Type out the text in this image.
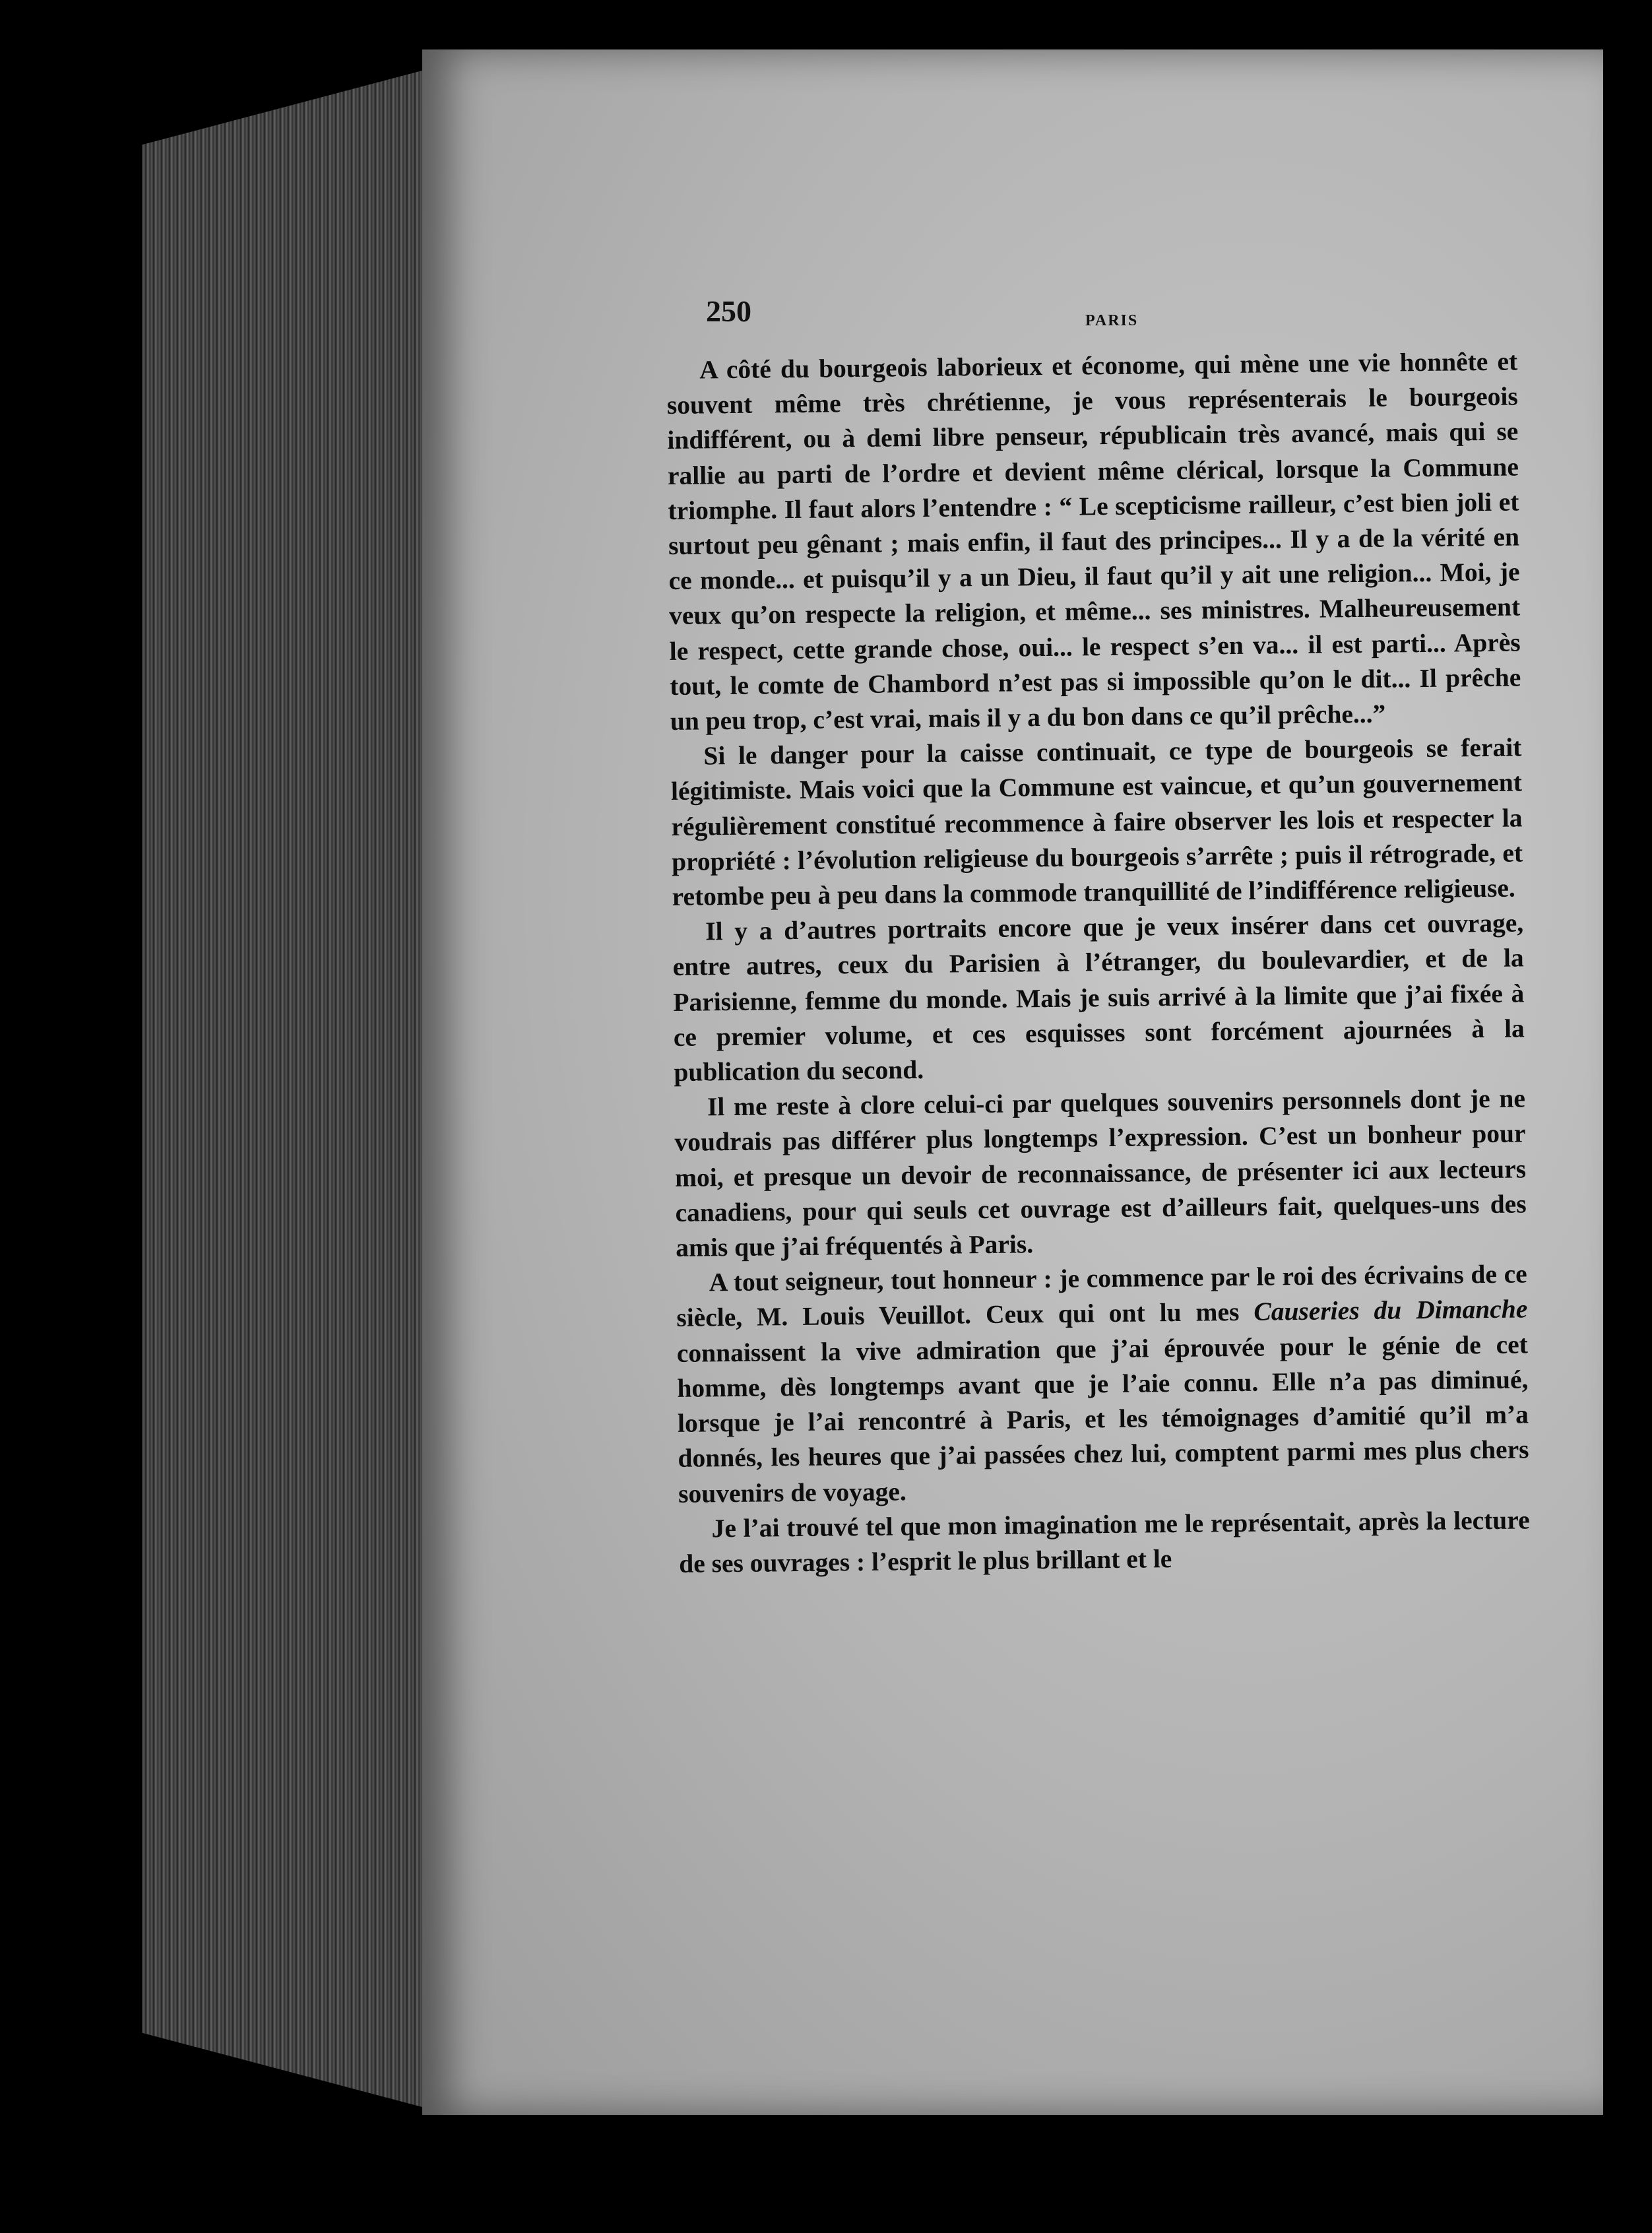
250	PARIS

A côté du bourgeois laborieux et économe, qui mène une vie honnête et souvent même très chrétienne, je vous représenterais le bourgeois indifférent, ou à demi libre penseur, républicain très avancé, mais qui se rallie au parti de l’ordre et devient même clérical, lorsque la Commune triomphe. Il faut alors l’entendre : “ Le scepticisme railleur, c’est bien joli et surtout peu gênant ; mais enfin, il faut des principes... Il y a de la vérité en ce monde... et puisqu’il y a un Dieu, il faut qu’il y ait une religion... Moi, je veux qu’on respecte la religion, et même... ses ministres. Malheureusement le respect, cette grande chose, oui... le respect s’en va... il est parti... Après tout, le comte de Chambord n’est pas si impossible qu’on le dit... Il prêche un peu trop, c’est vrai, mais il y a du bon dans ce qu’il prêche...”

Si le danger pour la caisse continuait, ce type de bourgeois se ferait légitimiste. Mais voici que la Commune est vaincue, et qu’un gouvernement régulièrement constitué recommence à faire observer les lois et respecter la propriété : l’évolution religieuse du bourgeois s’arrête ; puis il rétrograde, et retombe peu à peu dans la commode tranquillité de l’indifférence religieuse.

Il y a d’autres portraits encore que je veux insérer dans cet ouvrage, entre autres, ceux du Parisien à l’étranger, du boulevardier, et de la Parisienne, femme du monde. Mais je suis arrivé à la limite que j’ai fixée à ce premier volume, et ces esquisses sont forcément ajournées à la publication du second.

Il me reste à clore celui-ci par quelques souvenirs personnels dont je ne voudrais pas différer plus longtemps l’expression. C’est un bonheur pour moi, et presque un devoir de reconnaissance, de présenter ici aux lecteurs canadiens, pour qui seuls cet ouvrage est d’ailleurs fait, quelques-uns des amis que j’ai fréquentés à Paris.

A tout seigneur, tout honneur : je commence par le roi des écrivains de ce siècle, M. Louis Veuillot. Ceux qui ont lu mes Causeries du Dimanche connaissent la vive admiration que j’ai éprouvée pour le génie de cet homme, dès longtemps avant que je l’aie connu. Elle n’a pas diminué, lorsque je l’ai rencontré à Paris, et les témoignages d’amitié qu’il m’a donnés, les heures que j’ai passées chez lui, comptent parmi mes plus chers souvenirs de voyage.

Je l’ai trouvé tel que mon imagination me le représentait, après la lecture de ses ouvrages : l’esprit le plus brillant et le
